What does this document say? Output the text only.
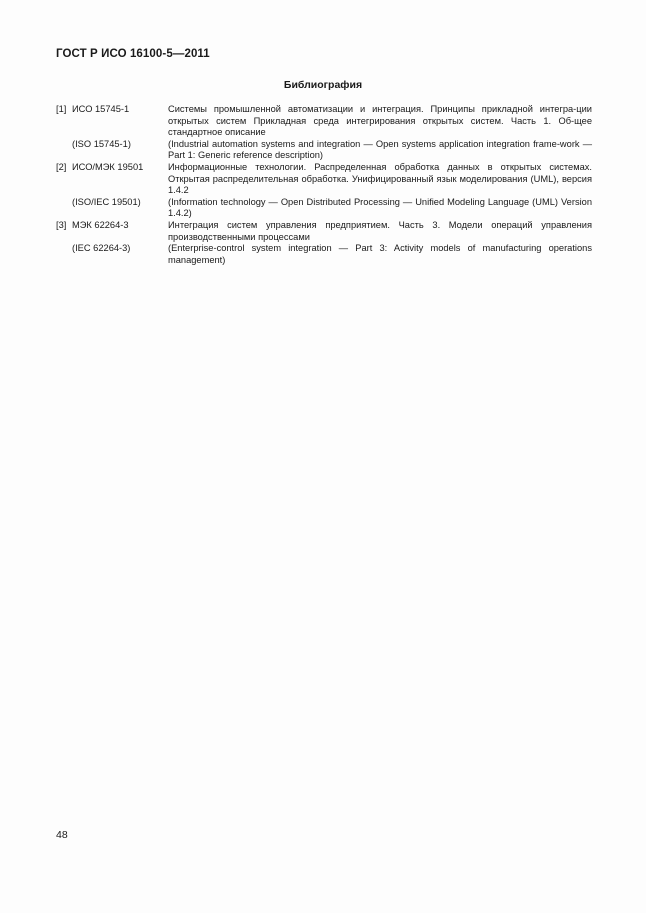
ГОСТ Р ИСО 16100-5—2011
Библиография
[1] ИСО 15745-1	Системы промышленной автоматизации и интеграция. Принципы прикладной интегра-ции открытых систем Прикладная среда интегрирования открытых систем. Часть 1. Об-щее стандартное описание
(ISO 15745-1)	(Industrial automation systems and integration — Open systems application integration frame-work — Part 1: Generic reference description)
[2] ИСО/МЭК 19501	Информационные технологии. Распределенная обработка данных в открытых системах. Открытая распределительная обработка. Унифицированный язык моделирования (UML), версия 1.4.2
(ISO/IEC 19501)	(Information technology — Open Distributed Processing — Unified Modeling Language (UML) Version 1.4.2)
[3] МЭК 62264-3	Интеграция систем управления предприятием. Часть 3. Модели операций управления производственными процессами
(IEC 62264-3)	(Enterprise-control system integration — Part 3: Activity models of manufacturing operations management)
48
